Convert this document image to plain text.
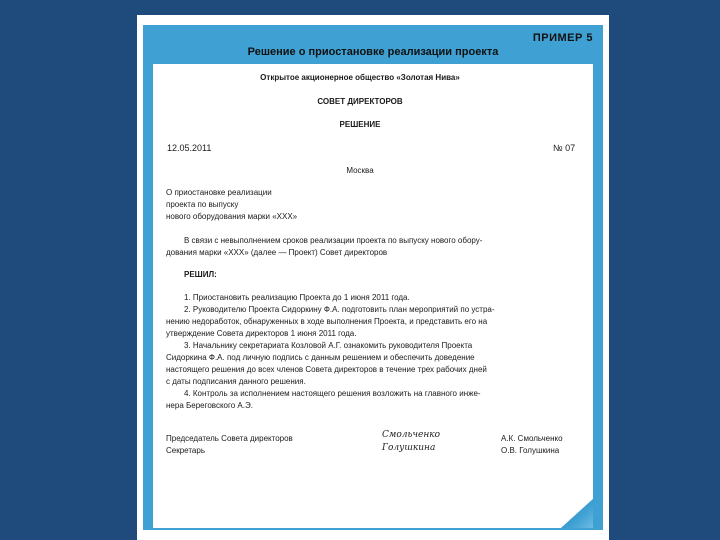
ПРИМЕР 5
Решение о приостановке реализации проекта
Открытое акционерное общество «Золотая Нива»
СОВЕТ ДИРЕКТОРОВ
РЕШЕНИЕ
12.05.2011	№ 07
Москва
О приостановке реализации
проекта по выпуску
нового оборудования марки «ХХХ»
В связи с невыполнением сроков реализации проекта по выпуску нового обору-
дования марки «ХХХ» (далее — Проект) Совет директоров
РЕШИЛ:
1. Приостановить реализацию Проекта до 1 июня 2011 года.
2. Руководителю Проекта Сидоркину Ф.А. подготовить план мероприятий по устра-
нению недоработок, обнаруженных в ходе выполнения Проекта, и представить его на
утверждение Совета директоров 1 июня 2011 года.
3. Начальнику секретариата Козловой А.Г. ознакомить руководителя Проекта
Сидоркина Ф.А. под личную подпись с данным решением и обеспечить доведение
настоящего решения до всех членов Совета директоров в течение трех рабочих дней
с даты подписания данного решения.
4. Контроль за исполнением настоящего решения возложить на главного инже-
нера Береговского А.Э.
Председатель Совета директоров	Смольченко	А.К. Смольченко
Секретарь	Голушкина	О.В. Голушкина
